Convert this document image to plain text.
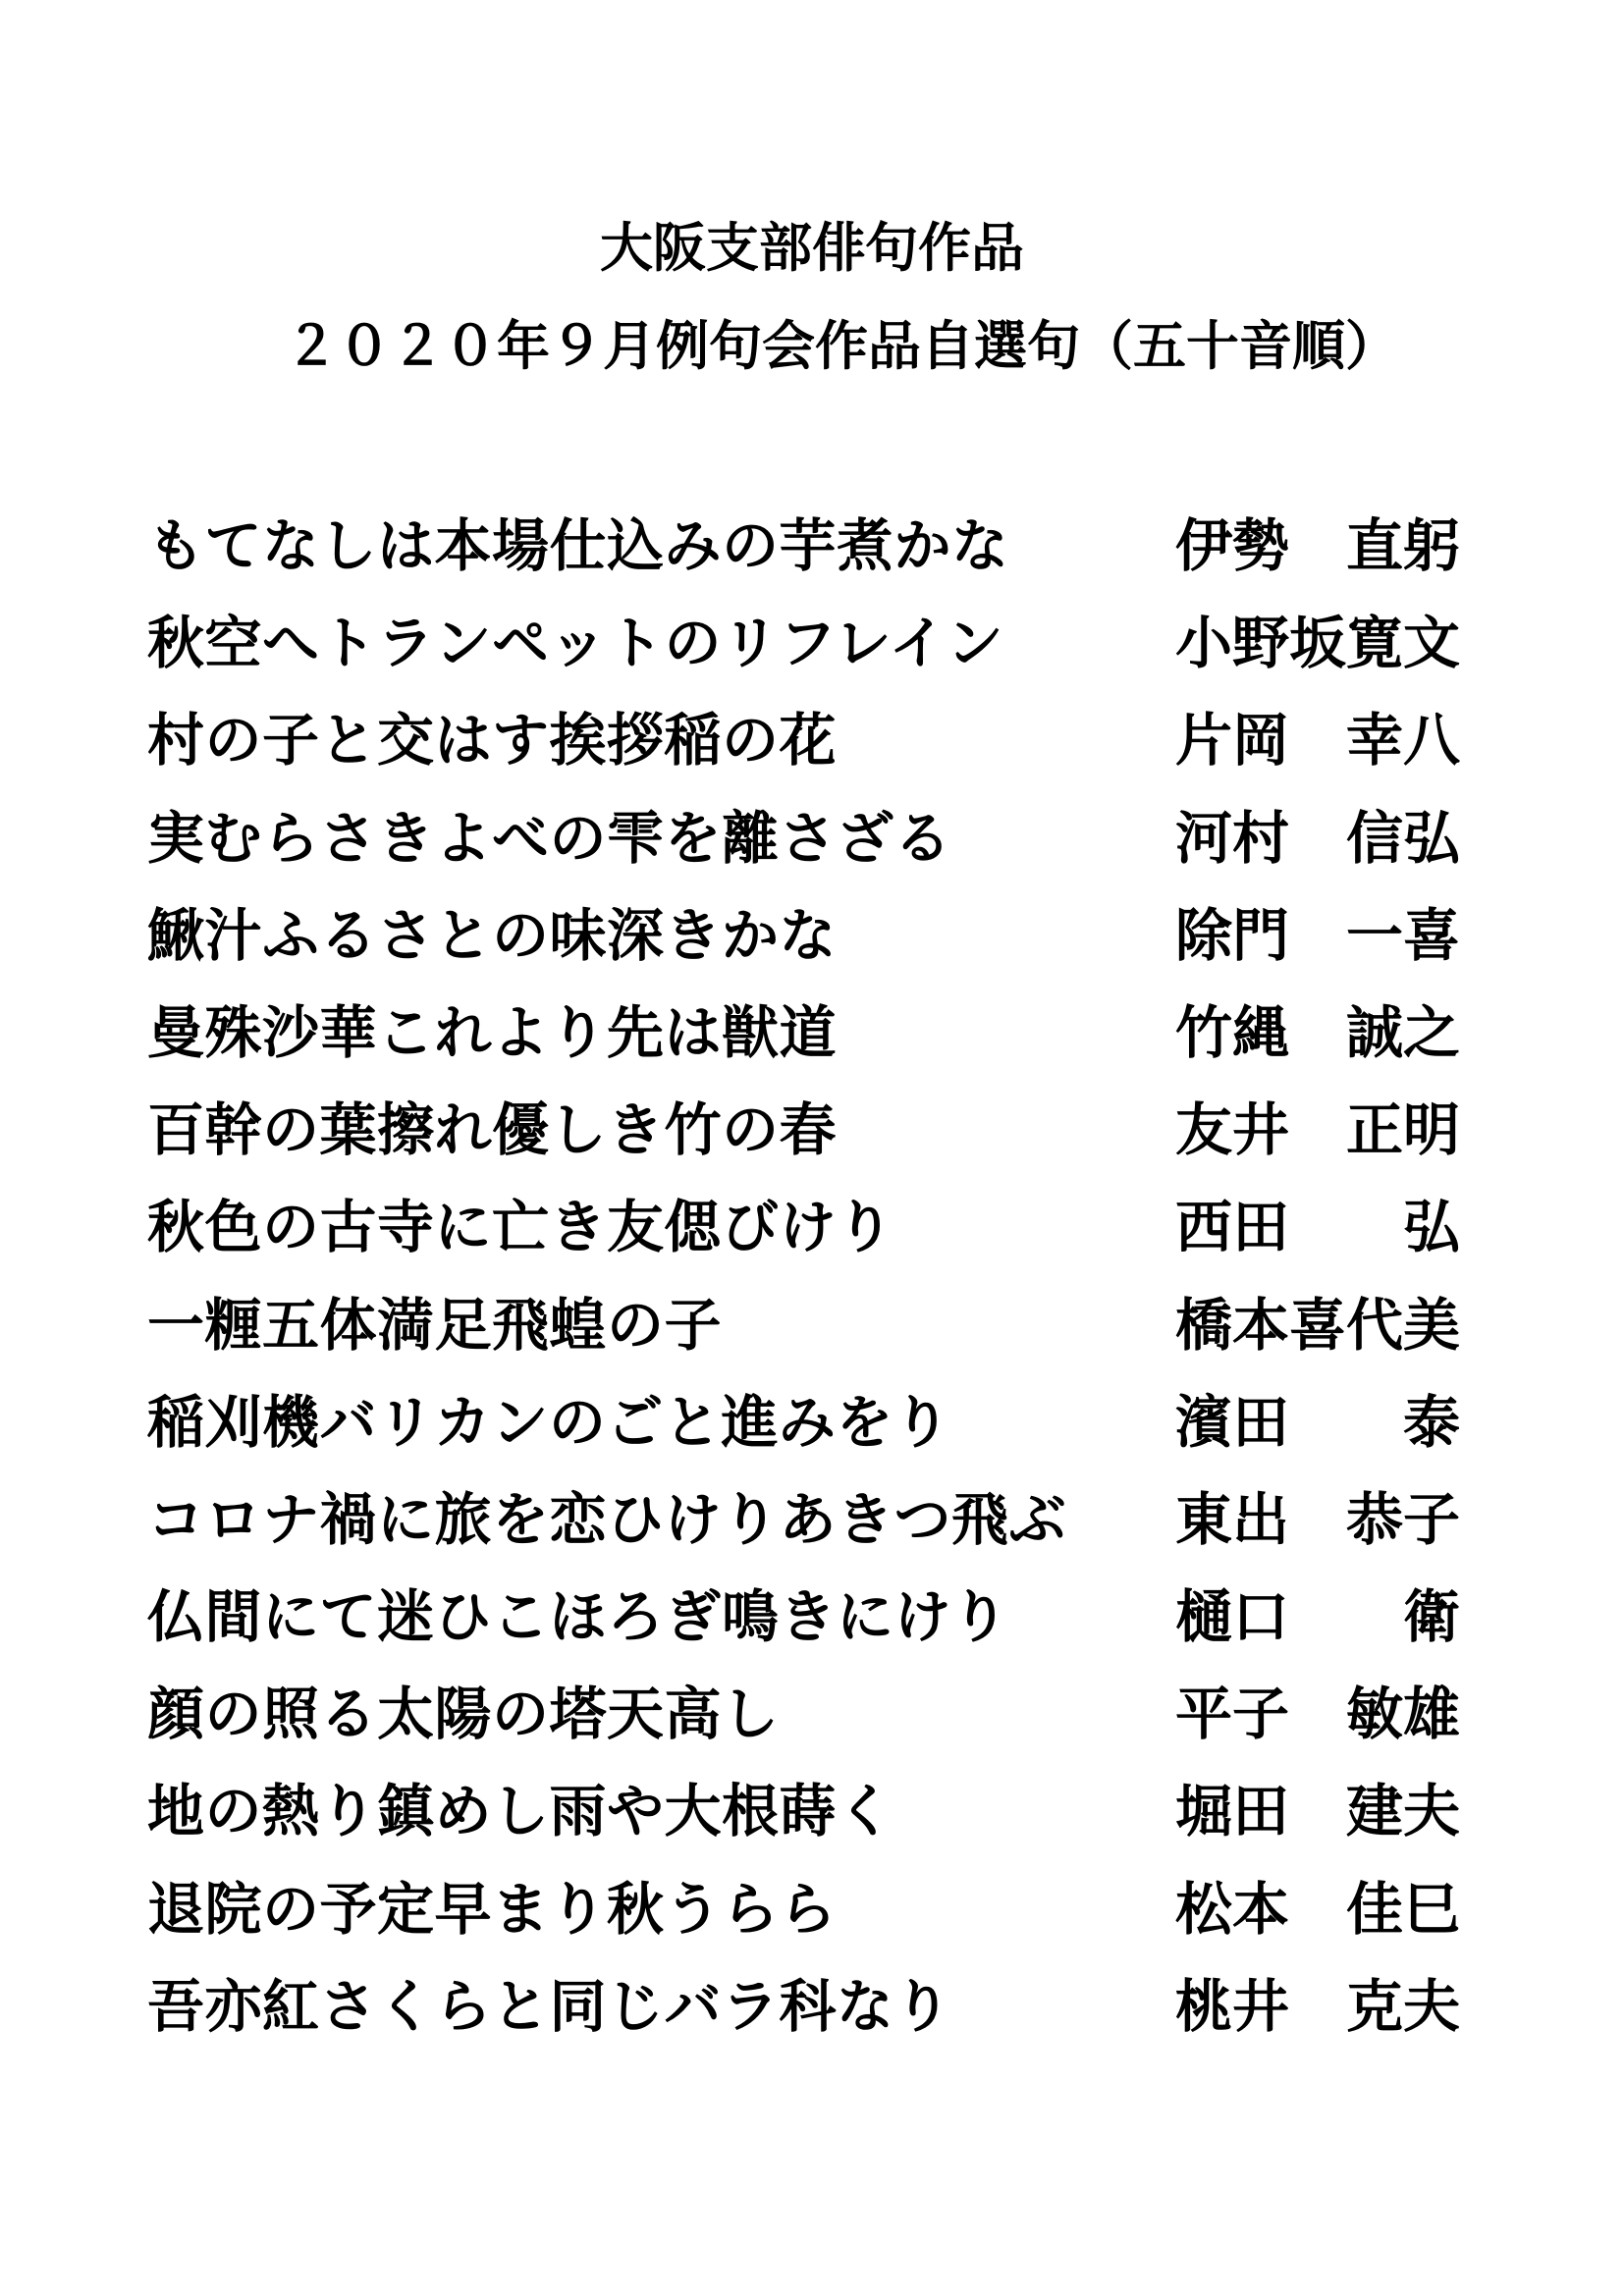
大阪支部俳句作品
２０２０年９月例句会作品自選句（五十音順）
もてなしは本場仕込みの芋煮かな	伊勢　直躬
秋空へトランペットのリフレイン	小野坂寛文
村の子と交はす挨拶稲の花	片岡　幸八
実むらさきよべの雫を離さざる	河村　信弘
鰍汁ふるさとの味深きかな	除門　一喜
曼殊沙華これより先は獣道	竹縄　誠之
百幹の葉擦れ優しき竹の春	友井　正明
秋色の古寺に亡き友偲びけり	西田　　弘
一糎五体満足飛蝗の子	橋本喜代美
稲刈機バリカンのごと進みをり	濱田　　泰
コロナ禍に旅を恋ひけりあきつ飛ぶ 東出　恭子
仏間にて迷ひこほろぎ鳴きにけり	樋口　　衛
顔の照る太陽の塔天高し	平子　敏雄
地の熱り鎮めし雨や大根蒔く	堀田　建夫
退院の予定早まり秋うらら	松本　佳巳
吾亦紅さくらと同じバラ科なり	桃井　克夫
